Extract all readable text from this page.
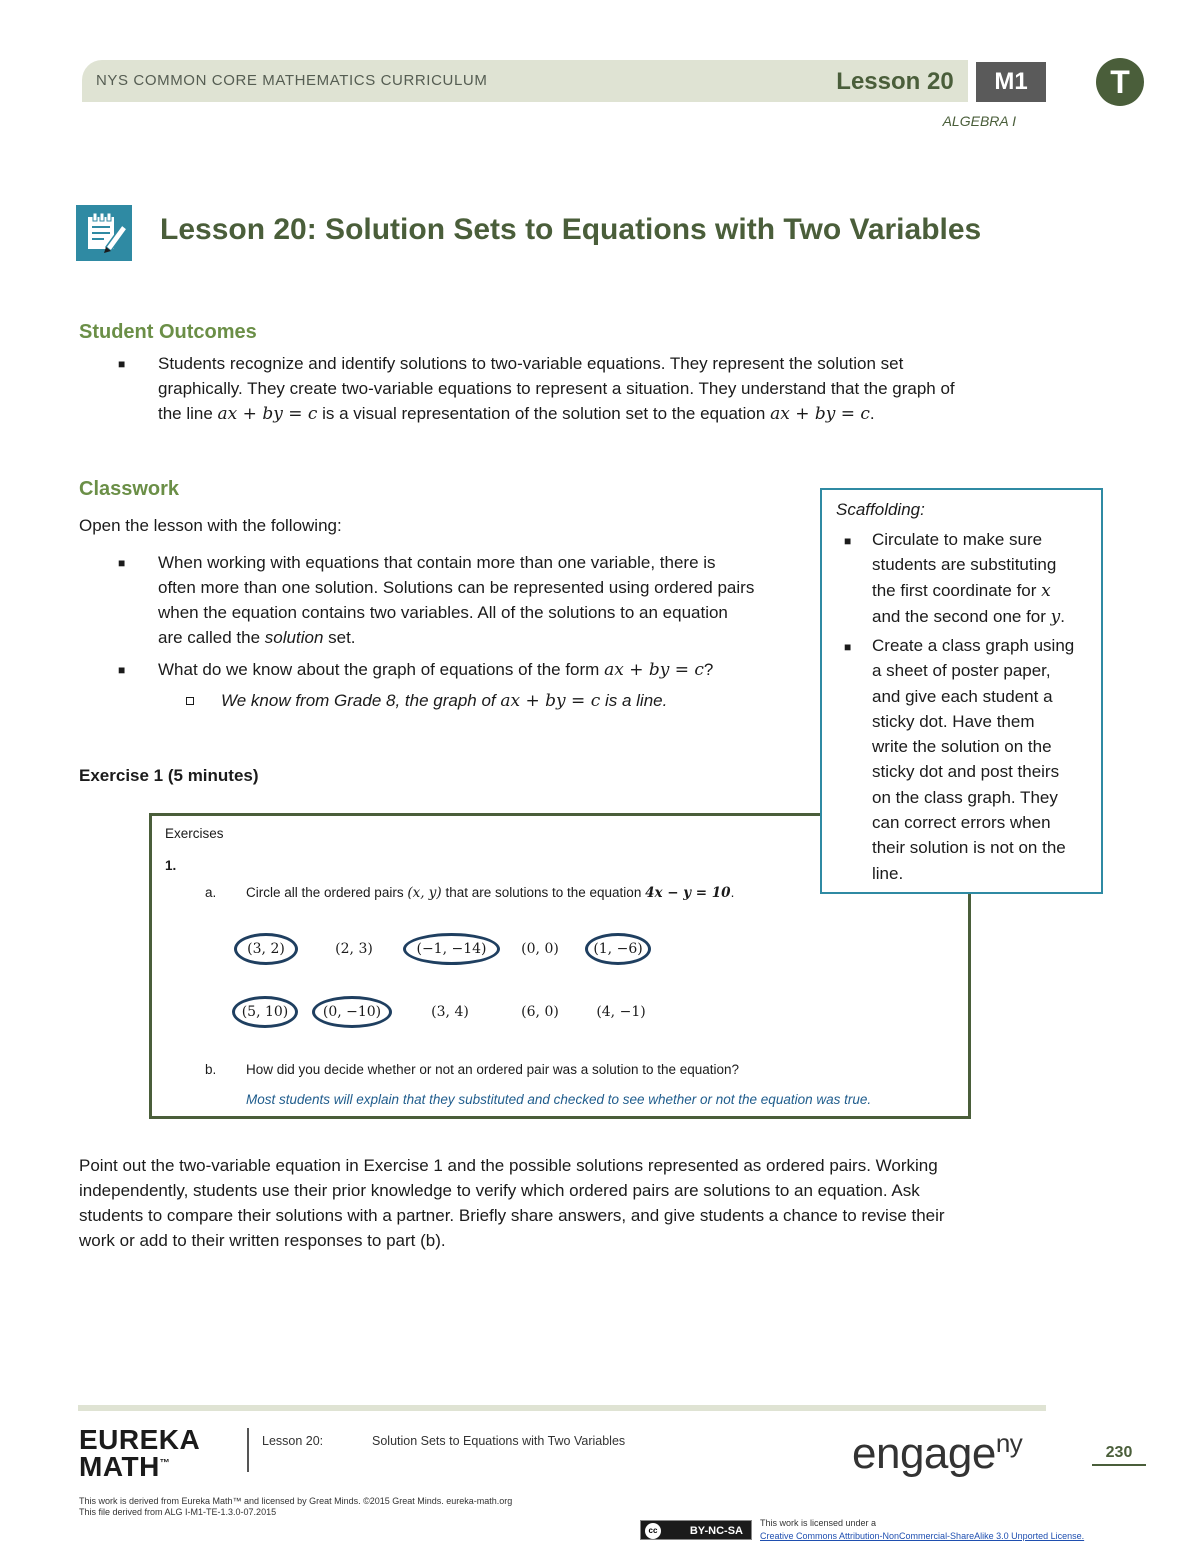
NYS COMMON CORE MATHEMATICS CURRICULUM	Lesson 20	M1	T
ALGEBRA I
Lesson 20: Solution Sets to Equations with Two Variables
Student Outcomes
■ Students recognize and identify solutions to two-variable equations. They represent the solution set
graphically. They create two-variable equations to represent a situation. They understand that the graph of
the line ax + by = c is a visual representation of the solution set to the equation ax + by = c.
Classwork
Open the lesson with the following:
■ When working with equations that contain more than one variable, there is
often more than one solution. Solutions can be represented using ordered pairs
when the equation contains two variables. All of the solutions to an equation
are called the solution set.
■ What do we know about the graph of equations of the form ax + by = c?
We know from Grade 8, the graph of ax + by = c is a line.
Exercise 1 (5 minutes)
Exercises
1.
a. Circle all the ordered pairs (x, y) that are solutions to the equation 4x − y = 10.
(3, 2)	(2, 3)	(−1, −14)	(0, 0)	(1, −6)
(5, 10)	(0, −10)	(3, 4)	(6, 0)	(4, −1)
b. How did you decide whether or not an ordered pair was a solution to the equation?
Most students will explain that they substituted and checked to see whether or not the equation was true.
Scaffolding:
■ Circulate to make sure
students are substituting
the first coordinate for x
and the second one for y.
■ Create a class graph using
a sheet of poster paper,
and give each student a
sticky dot. Have them
write the solution on the
sticky dot and post theirs
on the class graph. They
can correct errors when
their solution is not on the
line.
Point out the two-variable equation in Exercise 1 and the possible solutions represented as ordered pairs. Working
independently, students use their prior knowledge to verify which ordered pairs are solutions to an equation. Ask
students to compare their solutions with a partner. Briefly share answers, and give students a chance to revise their
work or add to their written responses to part (b).
EUREKA
MATH™
Lesson 20:	Solution Sets to Equations with Two Variables	engage$^{ny}$	230
This work is derived from Eureka Math™ and licensed by Great Minds. ©2015 Great Minds. eureka-math.org
This file derived from ALG I-M1-TE-1.3.0-07.2015
cc	BY-NC-SA
This work is licensed under a
Creative Commons Attribution-NonCommercial-ShareAlike 3.0 Unported License.
